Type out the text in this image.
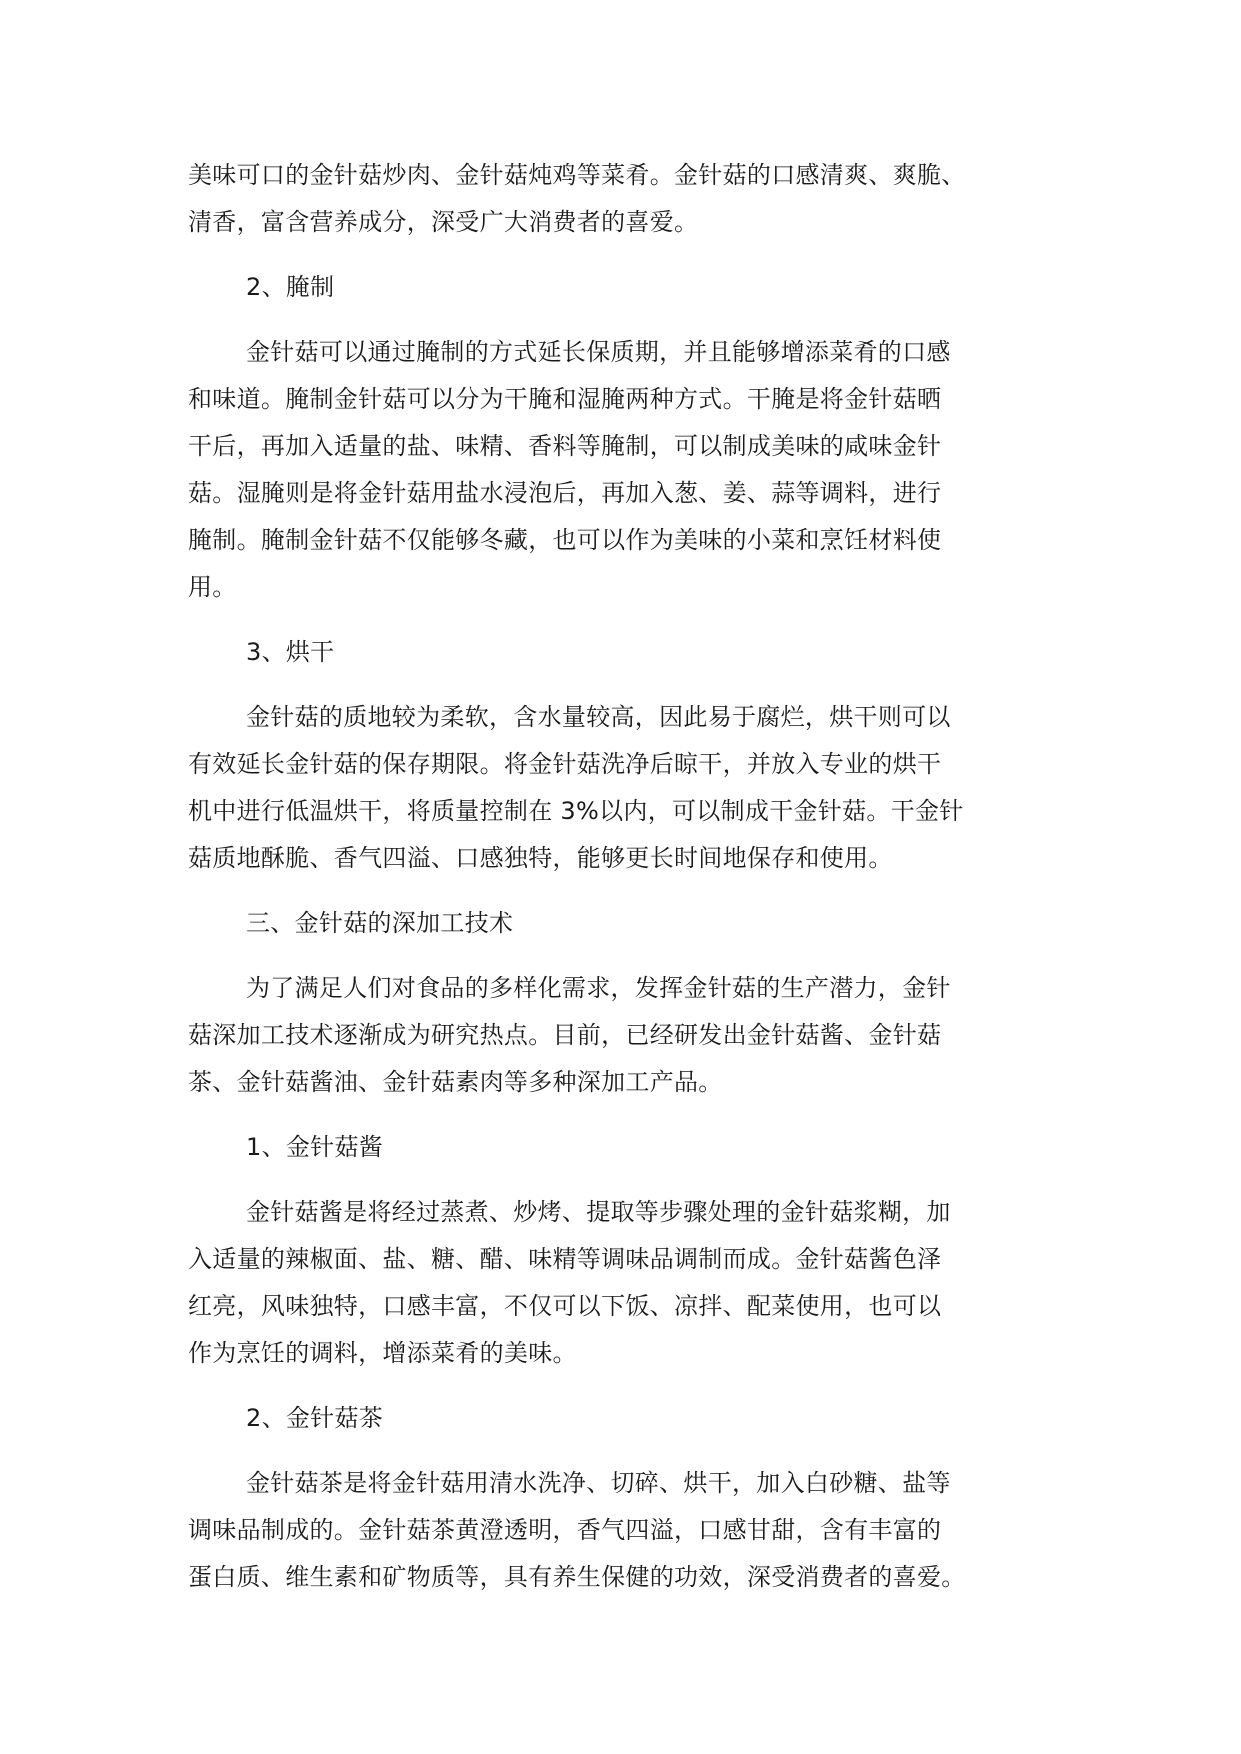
美味可口的金针菇炒肉、金针菇炖鸡等菜肴。金针菇的口感清爽、爽脆、
清香，富含营养成分，深受广大消费者的喜爱。

2、腌制

金针菇可以通过腌制的方式延长保质期，并且能够增添菜肴的口感
和味道。腌制金针菇可以分为干腌和湿腌两种方式。干腌是将金针菇晒
干后，再加入适量的盐、味精、香料等腌制，可以制成美味的咸味金针
菇。湿腌则是将金针菇用盐水浸泡后，再加入葱、姜、蒜等调料，进行
腌制。腌制金针菇不仅能够冬藏，也可以作为美味的小菜和烹饪材料使
用。

3、烘干

金针菇的质地较为柔软，含水量较高，因此易于腐烂，烘干则可以
有效延长金针菇的保存期限。将金针菇洗净后晾干，并放入专业的烘干
机中进行低温烘干，将质量控制在 3%以内，可以制成干金针菇。干金针
菇质地酥脆、香气四溢、口感独特，能够更长时间地保存和使用。

三、金针菇的深加工技术

为了满足人们对食品的多样化需求，发挥金针菇的生产潜力，金针
菇深加工技术逐渐成为研究热点。目前，已经研发出金针菇酱、金针菇
茶、金针菇酱油、金针菇素肉等多种深加工产品。

1、金针菇酱

金针菇酱是将经过蒸煮、炒烤、提取等步骤处理的金针菇浆糊，加
入适量的辣椒面、盐、糖、醋、味精等调味品调制而成。金针菇酱色泽
红亮，风味独特，口感丰富，不仅可以下饭、凉拌、配菜使用，也可以
作为烹饪的调料，增添菜肴的美味。

2、金针菇茶

金针菇茶是将金针菇用清水洗净、切碎、烘干，加入白砂糖、盐等
调味品制成的。金针菇茶黄澄透明，香气四溢，口感甘甜，含有丰富的
蛋白质、维生素和矿物质等，具有养生保健的功效，深受消费者的喜爱。
